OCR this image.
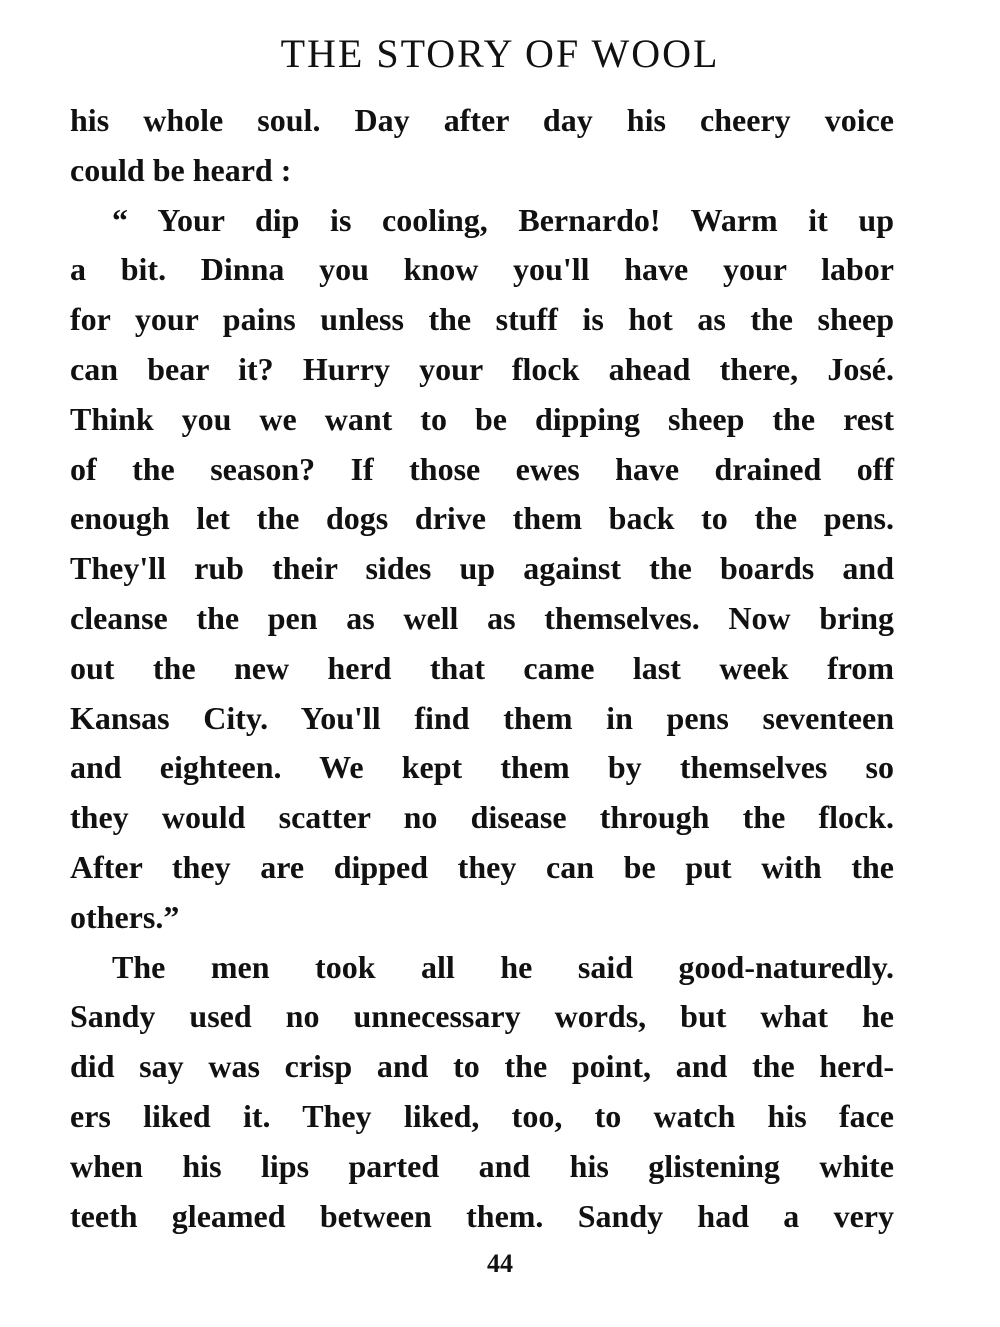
THE STORY OF WOOL
his whole soul. Day after day his cheery voice
could be heard :
“ Your dip is cooling, Bernardo! Warm it up
a bit. Dinna you know you'll have your labor
for your pains unless the stuff is hot as the sheep
can bear it? Hurry your flock ahead there, José.
Think you we want to be dipping sheep the rest
of the season? If those ewes have drained off
enough let the dogs drive them back to the pens.
They'll rub their sides up against the boards and
cleanse the pen as well as themselves. Now bring
out the new herd that came last week from
Kansas City. You'll find them in pens seventeen
and eighteen. We kept them by themselves so
they would scatter no disease through the flock.
After they are dipped they can be put with the
others.”
The men took all he said good-naturedly.
Sandy used no unnecessary words, but what he
did say was crisp and to the point, and the herd-
ers liked it. They liked, too, to watch his face
when his lips parted and his glistening white
teeth gleamed between them. Sandy had a very
44
